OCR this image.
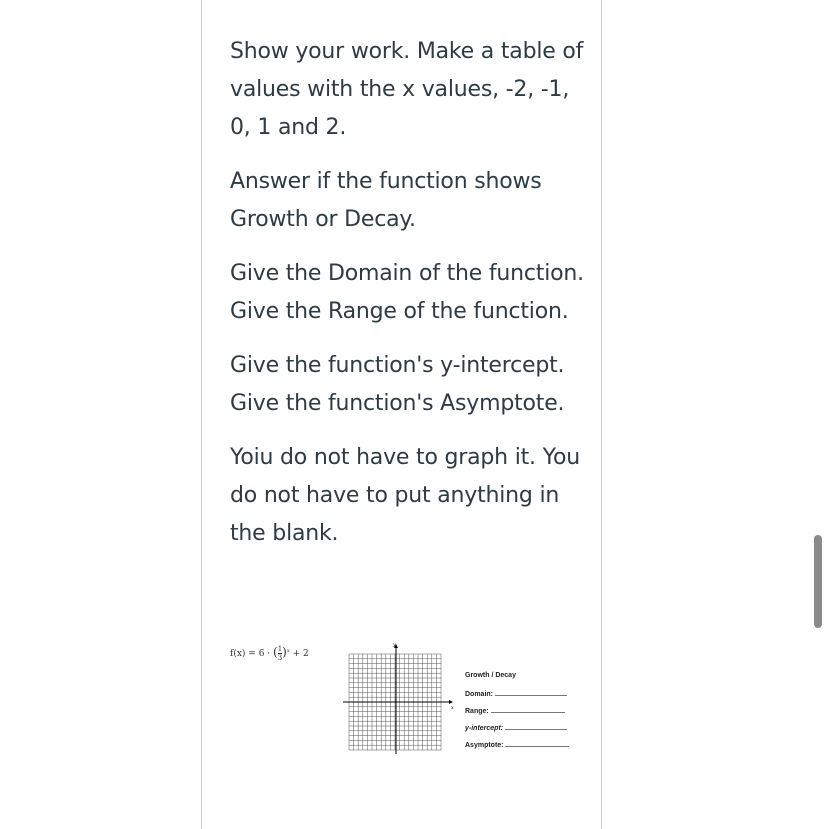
Show your work. Make a table of values with the x values, -2, -1, 0, 1 and 2.

Answer if the function shows Growth or Decay.

Give the Domain of the function. Give the Range of the function.

Give the function's y-intercept. Give the function's Asymptote.

Yoiu do not have to graph it. You do not have to put anything in the blank.

f(x) = 6 · ( $\frac{1}{3} )^x + 2$
x
y
Growth / Decay
Domain:
Range:
y-intercept:
Asymptote:
